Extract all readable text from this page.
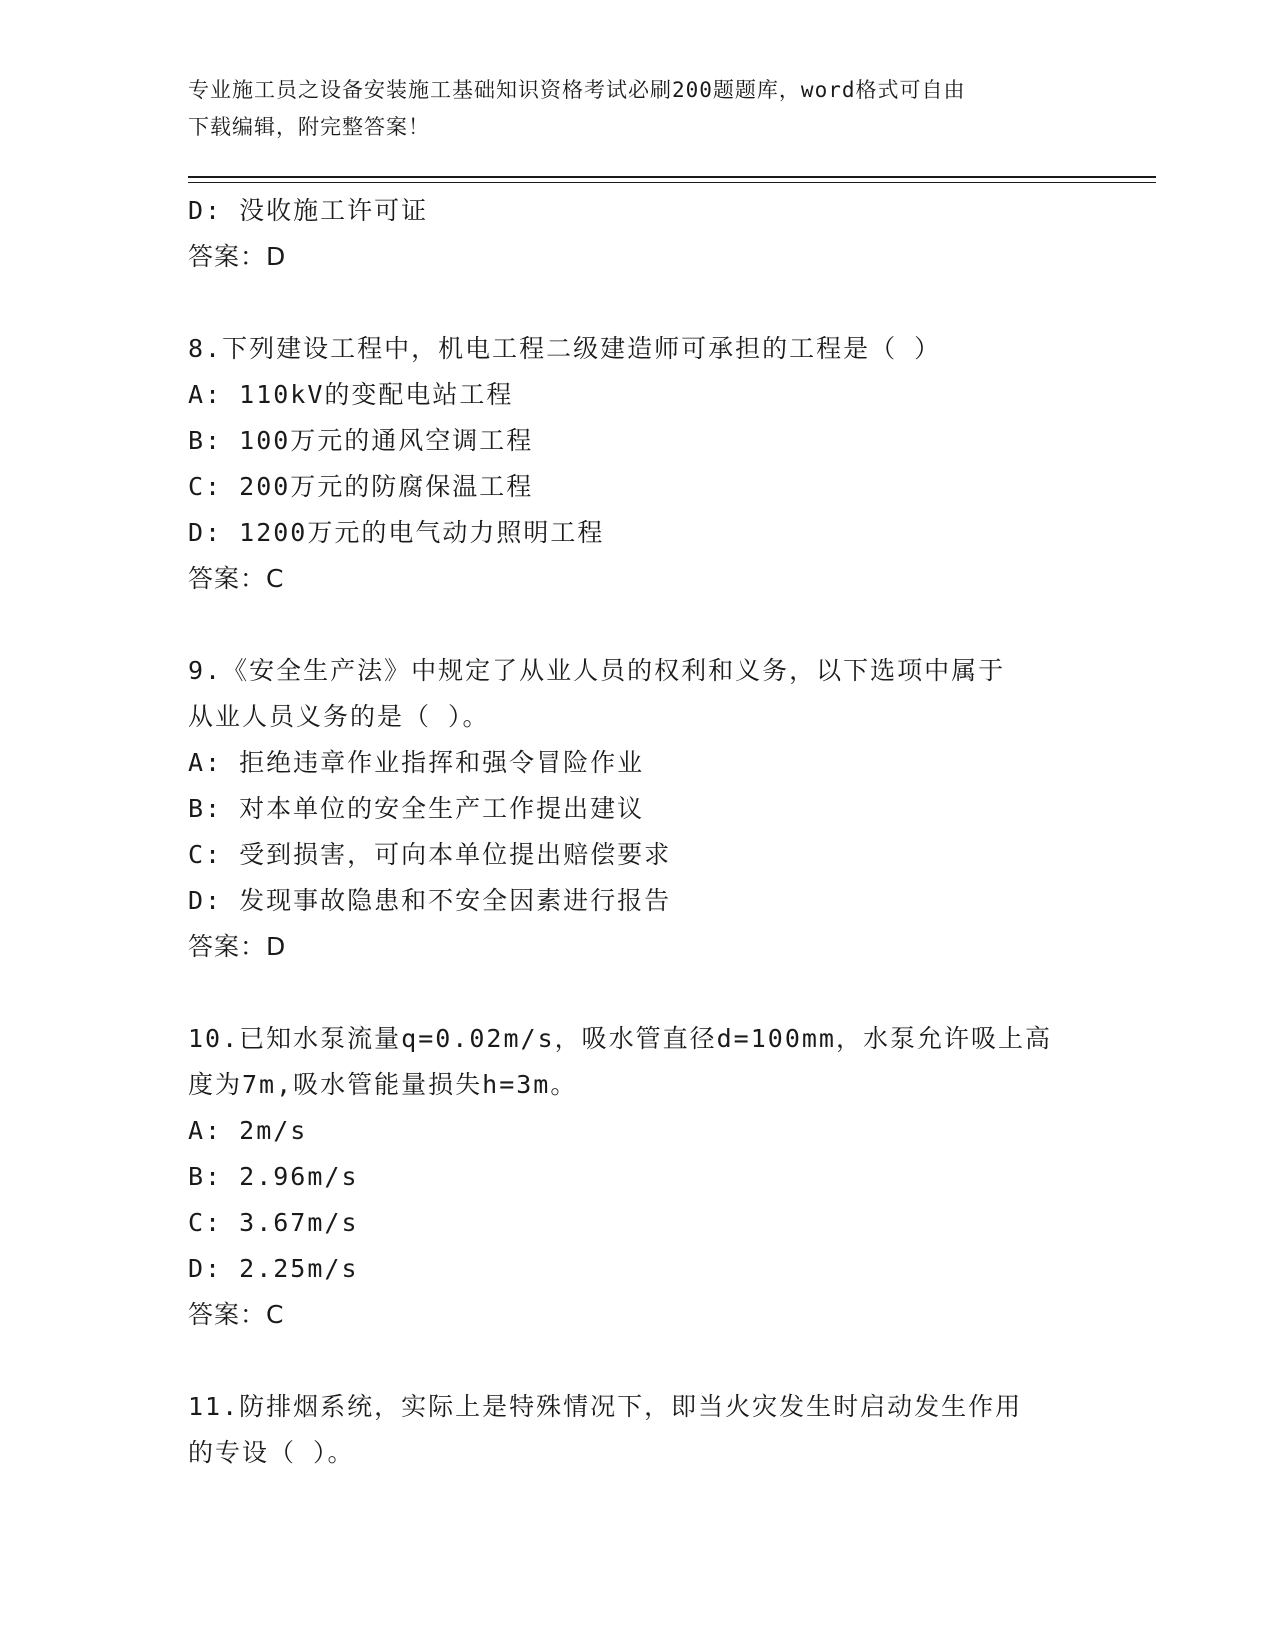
专业施工员之设备安装施工基础知识资格考试必刷200题题库，word格式可自由
下载编辑，附完整答案！
D: 没收施工许可证
答案：D
8.下列建设工程中，机电工程二级建造师可承担的工程是（ ）
A: 110kV的变配电站工程
B: 100万元的通风空调工程
C: 200万元的防腐保温工程
D: 1200万元的电气动力照明工程
答案：C
9.《安全生产法》中规定了从业人员的权利和义务，以下选项中属于
从业人员义务的是（ ）。
A: 拒绝违章作业指挥和强令冒险作业
B: 对本单位的安全生产工作提出建议
C: 受到损害，可向本单位提出赔偿要求
D: 发现事故隐患和不安全因素进行报告
答案：D
10.已知水泵流量q=0.02m/s，吸水管直径d=100mm，水泵允许吸上高
度为7m,吸水管能量损失h=3m。
A: 2m/s
B: 2.96m/s
C: 3.67m/s
D: 2.25m/s
答案：C
11.防排烟系统，实际上是特殊情况下，即当火灾发生时启动发生作用
的专设（ ）。
